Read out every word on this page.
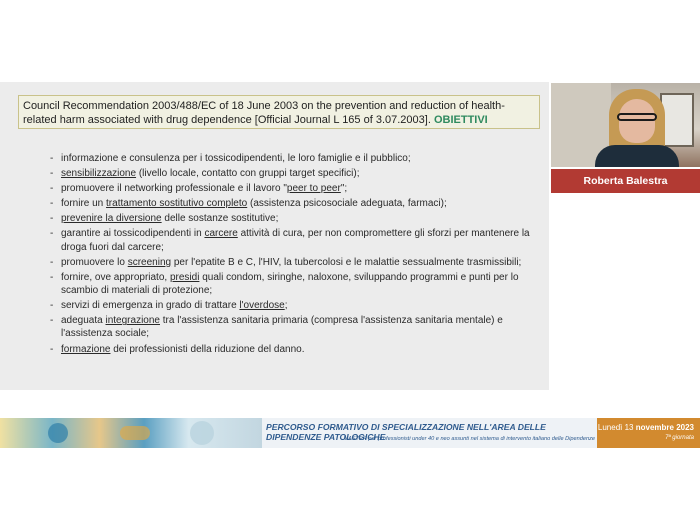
Council Recommendation 2003/488/EC of 18 June 2003 on the prevention and reduction of health-related harm associated with drug dependence [Official Journal L 165 of 3.07.2003]. OBIETTIVI
- informazione e consulenza per i tossicodipendenti, le loro famiglie e il pubblico;
- sensibilizzazione (livello locale, contatto con gruppi target specifici);
- promuovere il networking professionale e il lavoro "peer to peer";
- fornire un trattamento sostitutivo completo (assistenza psicosociale adeguata, farmaci);
- prevenire la diversione delle sostanze sostitutive;
- garantire ai tossicodipendenti in carcere attività di cura, per non compromettere gli sforzi per mantenere la droga fuori dal carcere;
- promuovere lo screening per l'epatite B e C, l'HIV, la tubercolosi e le malattie sessualmente trasmissibili;
- fornire, ove appropriato, presidi quali condom, siringhe, naloxone, sviluppando programmi e punti per lo scambio di materiali di protezione;
- servizi di emergenza in grado di trattare l'overdose;
- adeguata integrazione tra l'assistenza sanitaria primaria (compresa l'assistenza sanitaria mentale) e l'assistenza sociale;
- formazione dei professionisti della riduzione del danno.
Roberta Balestra
PERCORSO FORMATIVO DI SPECIALIZZAZIONE NELL'AREA DELLE DIPENDENZE PATOLOGICHE
MASTER per professionisti under 40 e neo assunti nel sistema di intervento italiano delle Dipendenze
Lunedì 13 novembre 2023
7ª giornata
